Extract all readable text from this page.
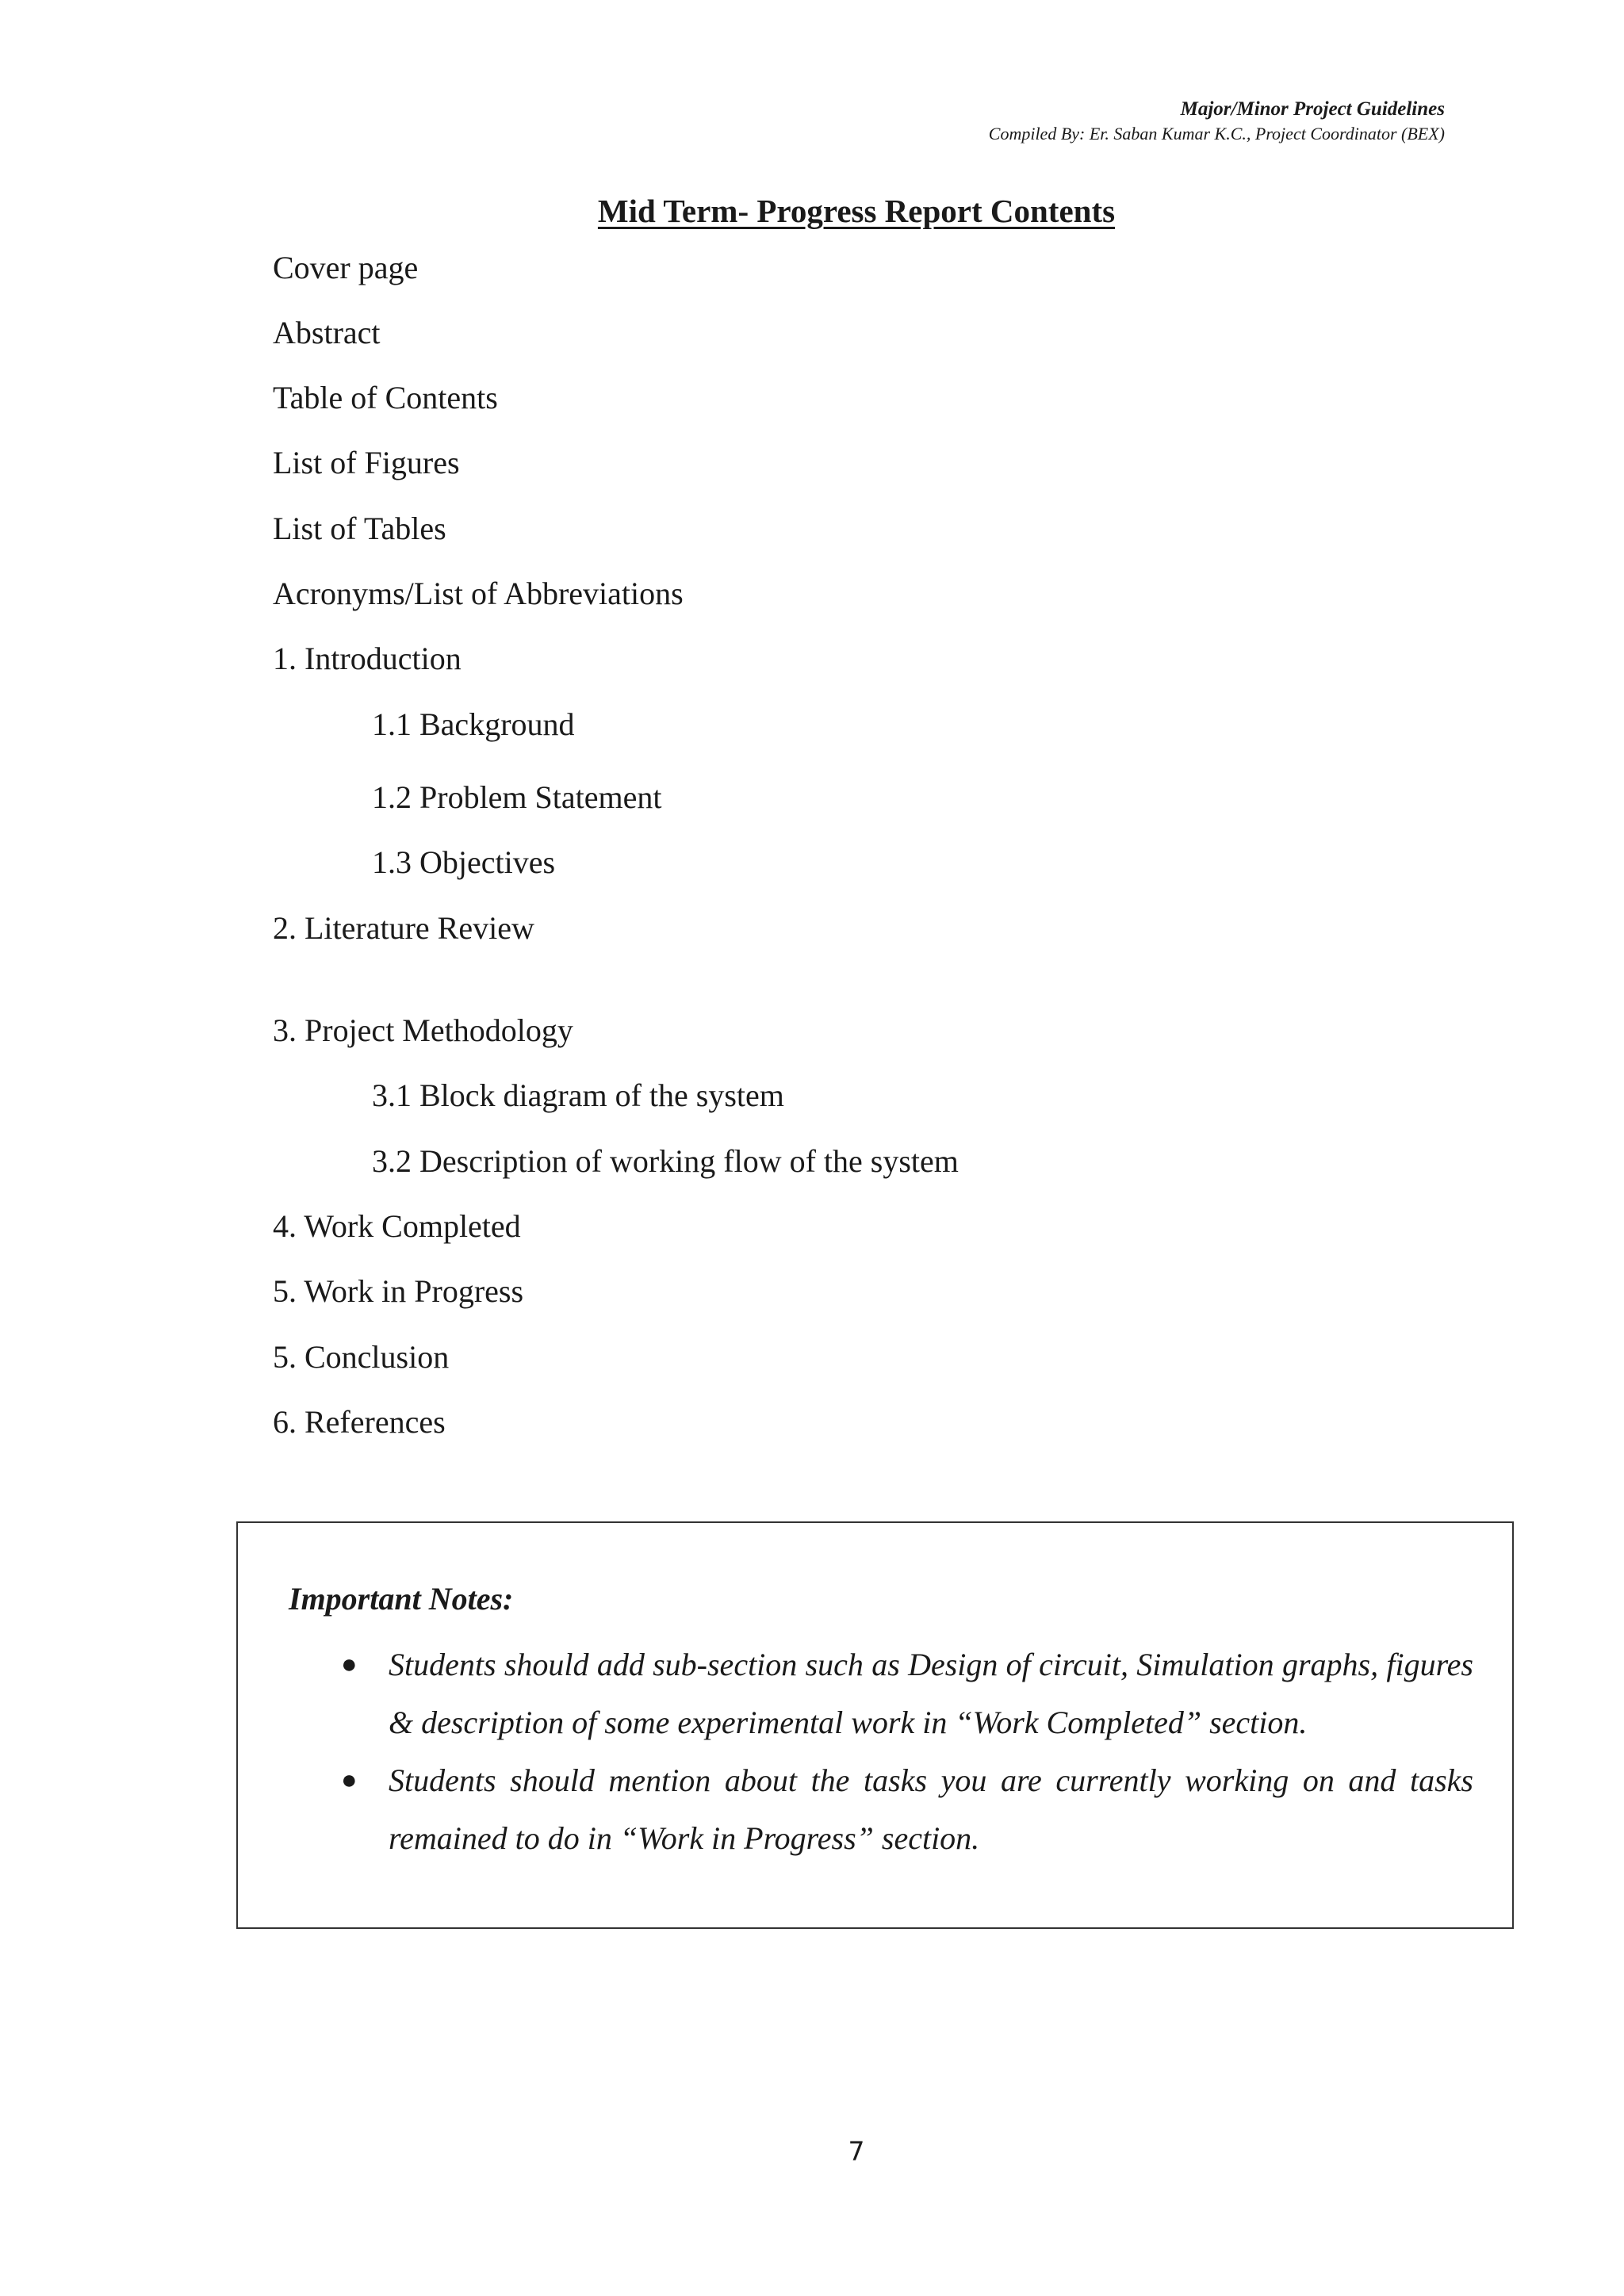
Major/Minor Project Guidelines
Compiled By: Er. Saban Kumar K.C., Project Coordinator (BEX)
Mid Term- Progress Report Contents
Cover page
Abstract
Table of Contents
List of Figures
List of Tables
Acronyms/List of Abbreviations
1. Introduction
1.1 Background
1.2 Problem Statement
1.3 Objectives
2. Literature Review
3. Project Methodology
3.1 Block diagram of the system
3.2 Description of working flow of the system
4. Work Completed
5. Work in Progress
5. Conclusion
6. References
Important Notes:
● Students should add sub-section such as Design of circuit, Simulation graphs, figures & description of some experimental work in “Work Completed” section.
● Students should mention about the tasks you are currently working on and tasks remained to do in “Work in Progress” section.
7
